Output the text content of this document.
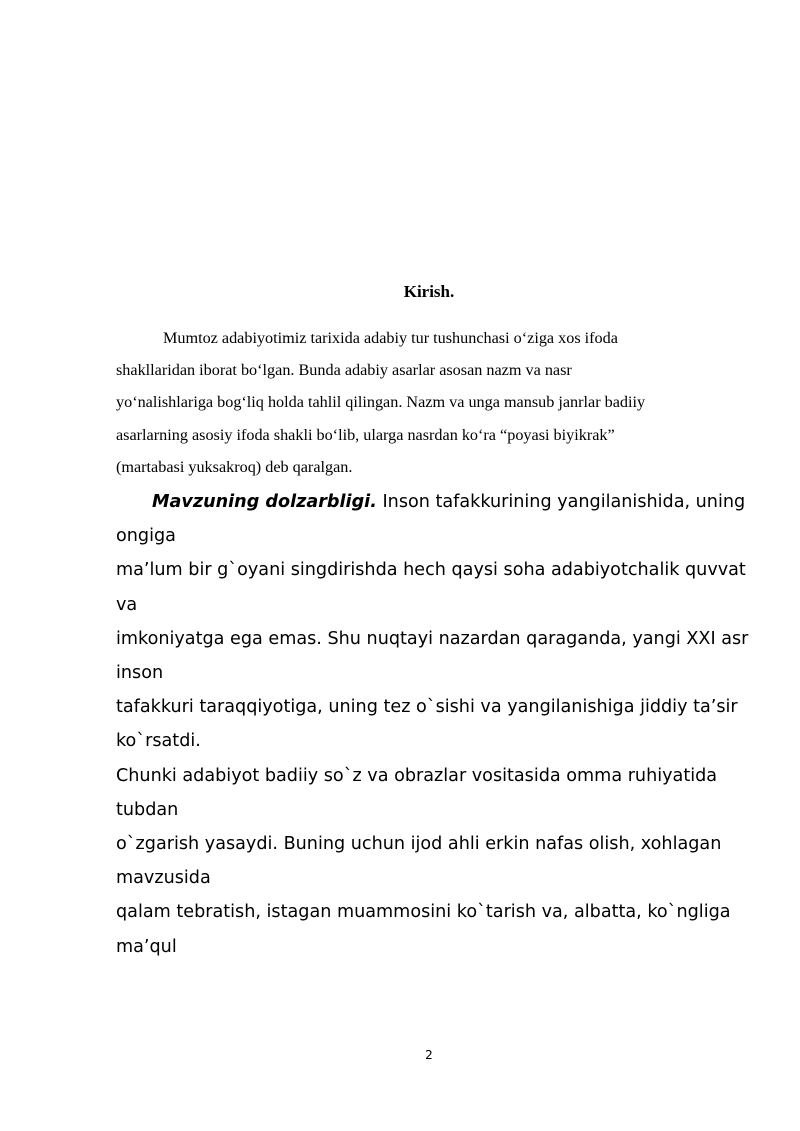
Kirish.
Mumtoz adabiyotimiz tarixida adabiy tur tushunchasi o‘ziga xos ifoda
shakllaridan iborat bo‘lgan. Bunda adabiy asarlar asosan nazm va nasr
yo‘nalishlariga bog‘liq holda tahlil qilingan. Nazm va unga mansub janrlar badiiy
asarlarning asosiy ifoda shakli bo‘lib, ularga nasrdan ko‘ra “poyasi biyikrak”
(martabasi yuksakroq) deb qaralgan.
Mavzuning dolzarbligi. Inson tafakkurining yangilanishida, uning
ongiga
ma’lum bir g`oyani singdirishda hech qaysi soha adabiyotchalik quvvat
va
imkoniyatga ega emas. Shu nuqtayi nazardan qaraganda, yangi XXI asr
inson
tafakkuri taraqqiyotiga, uning tez o`sishi va yangilanishiga jiddiy ta’sir
ko`rsatdi.
Chunki adabiyot badiiy so`z va obrazlar vositasida omma ruhiyatida
tubdan
o`zgarish yasaydi. Buning uchun ijod ahli erkin nafas olish, xohlagan
mavzusida
qalam tebratish, istagan muammosini ko`tarish va, albatta, ko`ngliga
ma’qul
2
